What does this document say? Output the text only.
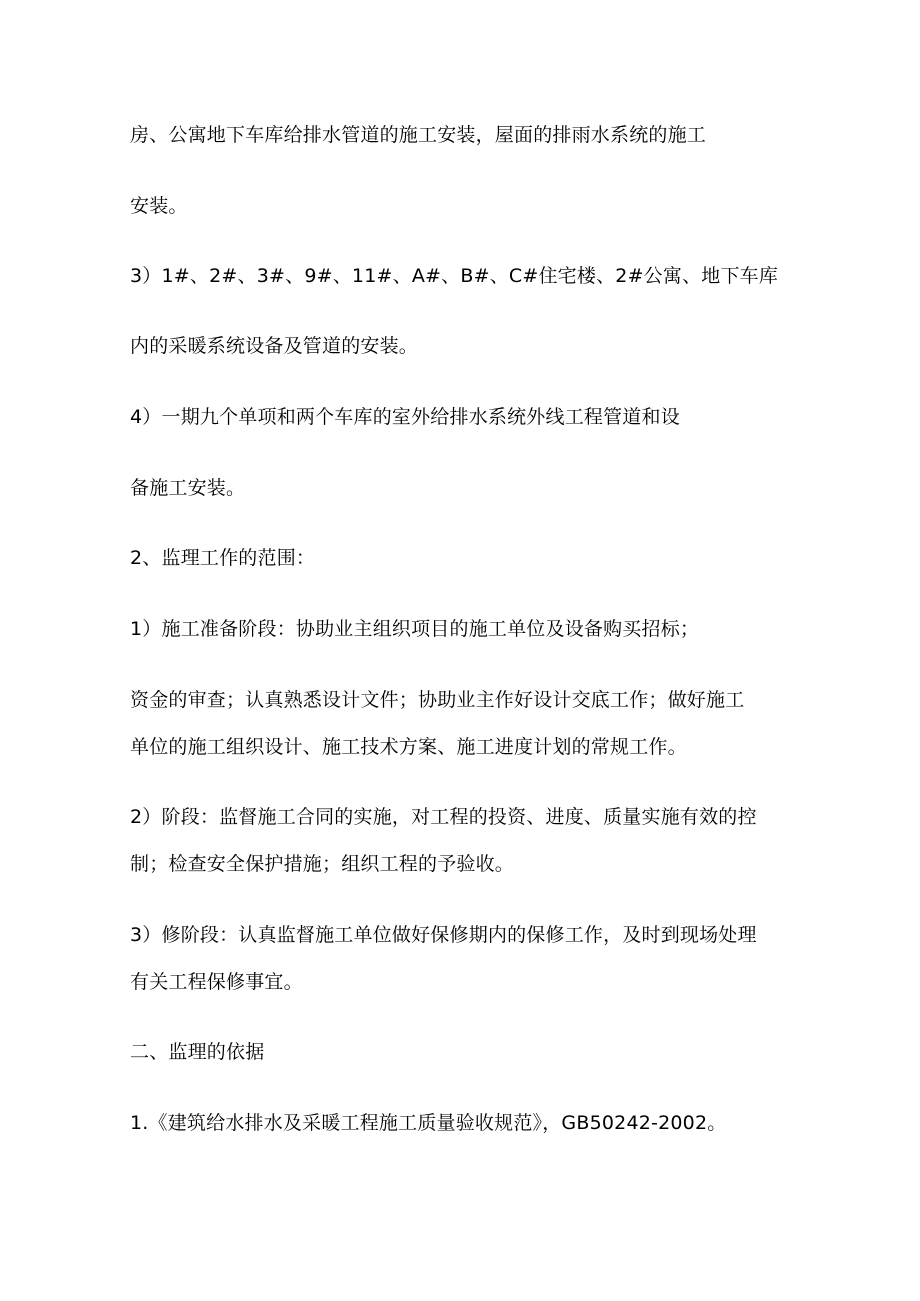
房、公寓地下车库给排水管道的施工安装，屋面的排雨水系统的施工
安装。
3）1#、2#、3#、9#、11#、A#、B#、C#住宅楼、2#公寓、地下车库
内的采暖系统设备及管道的安装。
4）一期九个单项和两个车库的室外给排水系统外线工程管道和设
备施工安装。
2、监理工作的范围：
1）施工准备阶段：协助业主组织项目的施工单位及设备购买招标；
资金的审查；认真熟悉设计文件；协助业主作好设计交底工作；做好施工
单位的施工组织设计、施工技术方案、施工进度计划的常规工作。
2）阶段：监督施工合同的实施，对工程的投资、进度、质量实施有效的控
制；检查安全保护措施；组织工程的予验收。
3）修阶段：认真监督施工单位做好保修期内的保修工作，及时到现场处理
有关工程保修事宜。
二、监理的依据
1.《建筑给水排水及采暖工程施工质量验收规范》，GB50242-2002。
